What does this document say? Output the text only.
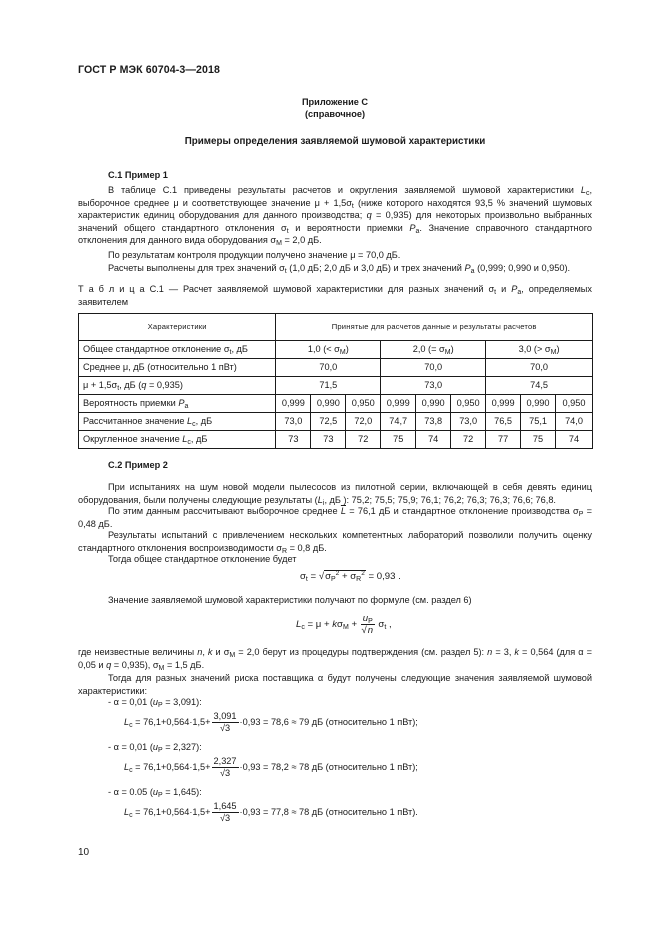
ГОСТ Р МЭК 60704-3—2018
Приложение С
(справочное)
Примеры определения заявляемой шумовой характеристики
С.1 Пример 1
В таблице С.1 приведены результаты расчетов и округления заявляемой шумовой характеристики $L_c$, выборочное среднее μ и соответствующее значение $\mu + 1,5\sigma_t$ (ниже которого находятся 93,5 % значений шумовых характеристик единиц оборудования для данного производства; q = 0,935) для некоторых произвольно выбранных значений общего стандартного отклонения $\sigma_t$ и вероятности приемки $P_a$. Значение справочного стандартного отклонения для данного вида оборудования $\sigma_M = 2,0$ дБ.
По результатам контроля продукции получено значение μ = 70,0 дБ.
Расчеты выполнены для трех значений $\sigma_t$ (1,0 дБ; 2,0 дБ и 3,0 дБ) и трех значений $P_a$ (0,999; 0,990 и 0,950).
Т а б л и ц а С.1 — Расчет заявляемой шумовой характеристики для разных значений $\sigma_t$ и $P_a$, определяемых заявителем
Характеристики	Принятые для расчетов данные и результаты расчетов								
Общее стандартное отклонение $\sigma_t$, дБ	1,0 (< $\sigma_M$)			2,0 (= $\sigma_M$)			3,0 (> $\sigma_M$)		
Среднее μ, дБ (относительно 1 пВт)	70,0			70,0			70,0		
$\mu + 1,5\sigma_t$, дБ (q = 0,935)	71,5			73,0			74,5		
Вероятность приемки $P_a$	0,999	0,990	0,950	0,999	0,990	0,950	0,999	0,990	0,950
Рассчитанное значение $L_c$, дБ	73,0	72,5	72,0	74,7	73,8	73,0	76,5	75,1	74,0
Округленное значение $L_c$, дБ	73	73	72	75	74	72	77	75	74
С.2 Пример 2
При испытаниях на шум новой модели пылесосов из пилотной серии, включающей в себя девять единиц оборудования, были получены следующие результаты ($L_i$, дБ ): 75,2; 75,5; 75,9; 76,1; 76,2; 76,3; 76,3; 76,6; 76,8.
По этим данным рассчитывают выборочное среднее $\overline{L} = 76,1$ дБ и стандартное отклонение производства $\sigma_P = 0,48$ дБ.
Результаты испытаний с привлечением нескольких компетентных лабораторий позволили получить оценку стандартного отклонения воспроизводимости $\sigma_R = 0,8$ дБ.
Тогда общее стандартное отклонение будет
$\sigma_t = √\sigma_P^2 + \sigma_R^2 = 0,93$ .
Значение заявляемой шумовой характеристики получают по формуле (см. раздел 6)
$L_c = \mu + k\sigma_M + \frac{u_P}{√n} \sigma_t$ ,
где неизвестные величины n, k и $\sigma_M = 2,0$ берут из процедуры подтверждения (см. раздел 5): n = 3, k = 0,564 (для α = 0,05 и q = 0,935), $\sigma_M = 1,5$ дБ.
Тогда для разных значений риска поставщика α будут получены следующие значения заявляемой шумовой характеристики:
- α = 0,01 $(u_P = 3,091)$:
$L_c = 76,1+0,564\cdot 1,5+ \frac{3,091}{√3} \cdot 0,93 = 78,6 \approx 79$ дБ (относительно 1 пВт);
- α = 0,01 $(u_P = 2,327)$:
$L_c = 76,1+0,564\cdot 1,5+ \frac{2,327}{√3} \cdot 0,93 = 78,2 \approx 78$ дБ (относительно 1 пВт);
- α = 0.05 $(u_P = 1,645)$:
$L_c = 76,1+0,564\cdot 1,5+ \frac{1,645}{√3} \cdot 0,93 = 77,8 \approx 78$ дБ (относительно 1 пВт).
10
